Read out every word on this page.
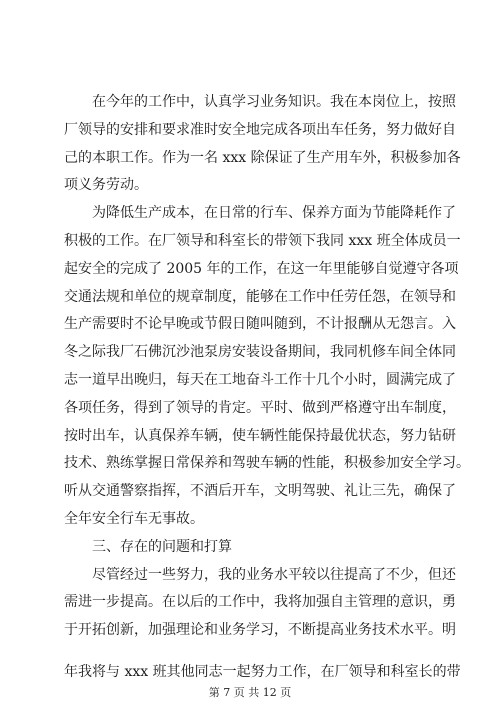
在今年的工作中，认真学习业务知识。我在本岗位上，按照
厂领导的安排和要求准时安全地完成各项出车任务，努力做好自
己的本职工作。作为一名 xxx 除保证了生产用车外，积极参加各
项义务劳动。
为降低生产成本，在日常的行车、保养方面为节能降耗作了
积极的工作。在厂领导和科室长的带领下我同 xxx 班全体成员一
起安全的完成了 2005 年的工作，在这一年里能够自觉遵守各项
交通法规和单位的规章制度，能够在工作中任劳任怨，在领导和
生产需要时不论早晚或节假日随叫随到，不计报酬从无怨言。入
冬之际我厂石佛沉沙池泵房安装设备期间，我同机修车间全体同
志一道早出晚归，每天在工地奋斗工作十几个小时，圆满完成了
各项任务，得到了领导的肯定。平时、做到严格遵守出车制度，
按时出车，认真保养车辆，使车辆性能保持最优状态，努力钻研
技术、熟练掌握日常保养和驾驶车辆的性能，积极参加安全学习。
听从交通警察指挥，不酒后开车，文明驾驶、礼让三先，确保了
全年安全行车无事故。
三、存在的问题和打算
尽管经过一些努力，我的业务水平较以往提高了不少，但还
需进一步提高。在以后的工作中，我将加强自主管理的意识，勇
于开拓创新，加强理论和业务学习，不断提高业务技术水平。明
第 7 页 共 12 页
年我将与 xxx 班其他同志一起努力工作，在厂领导和科室长的带
